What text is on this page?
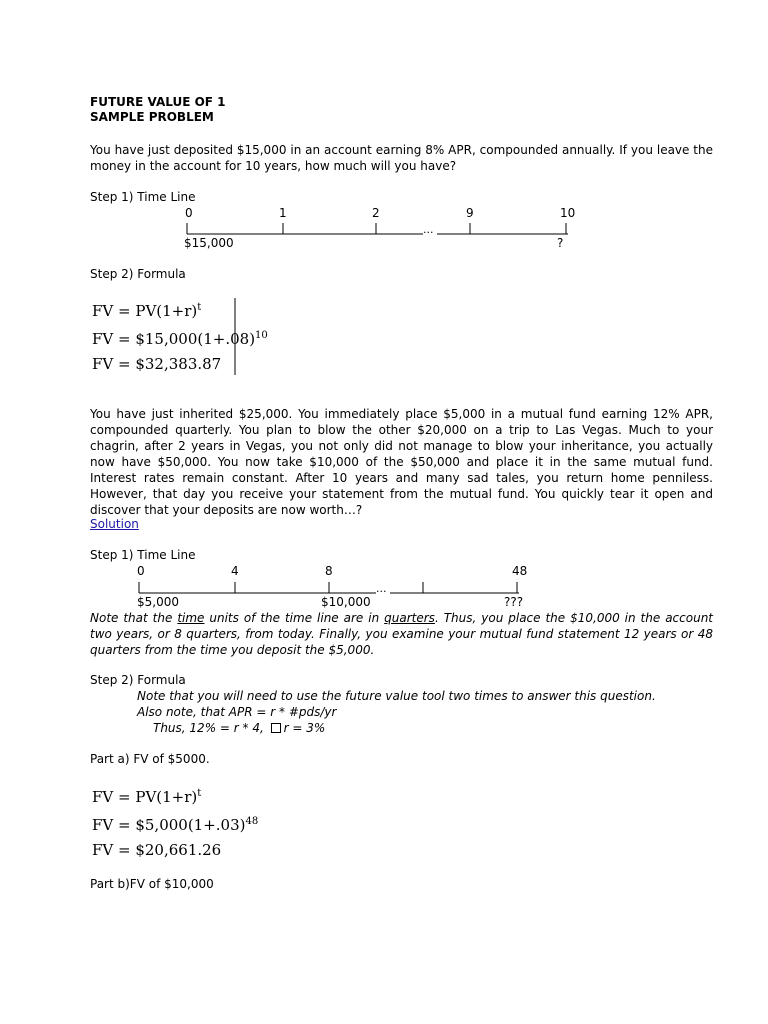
FUTURE VALUE OF 1
SAMPLE PROBLEM
You have just deposited $15,000 in an account earning 8% APR, compounded annually. If you leave the money in the account for 10 years, how much will you have?
Step 1) Time Line
0	1	2	9	10
...
$15,000	?
Step 2) Formula
FV = $PV(1+r)^t$
FV = $\$15,000(1+.08)^{10}$
FV = $32,383.87
You have just inherited $25,000. You immediately place $5,000 in a mutual fund earning 12% APR, compounded quarterly. You plan to blow the other $20,000 on a trip to Las Vegas. Much to your chagrin, after 2 years in Vegas, you not only did not manage to blow your inheritance, you actually now have $50,000. You now take $10,000 of the $50,000 and place it in the same mutual fund. Interest rates remain constant. After 10 years and many sad tales, you return home penniless. However, that day you receive your statement from the mutual fund. You quickly tear it open and discover that your deposits are now worth…?
Solution
Step 1) Time Line
0	4	8	48
...
$5,000	$10,000	???
Note that the time units of the time line are in quarters. Thus, you place the $10,000 in the account two years, or 8 quarters, from today. Finally, you examine your mutual fund statement 12 years or 48 quarters from the time you deposit the $5,000.
Step 2) Formula
Note that you will need to use the future value tool two times to answer this question.
Also note, that APR = r * #pds/yr
Thus, 12% = r * 4, r = 3%
Part a) FV of $5000.
FV = $PV(1+r)^t$
FV = $\$5,000(1+.03)^{48}$
FV = $20,661.26
Part b)FV of $10,000
